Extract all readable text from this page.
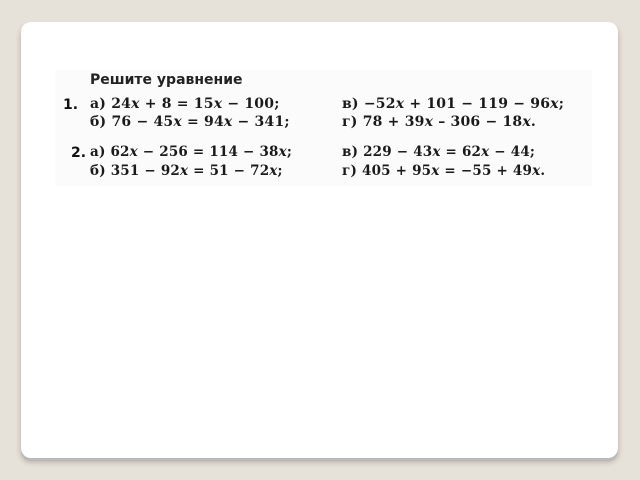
Решите уравнение
1.
2.
а) 24x + 8 = 15x − 100;
б) 76 − 45x = 94x − 341;
в) −52x + 101 − 119 − 96x;
г) 78 + 39x – 306 − 18x.
а) 62x − 256 = 114 − 38x;
б) 351 − 92x = 51 − 72x;
в) 229 − 43x = 62x − 44;
г) 405 + 95x = −55 + 49x.
